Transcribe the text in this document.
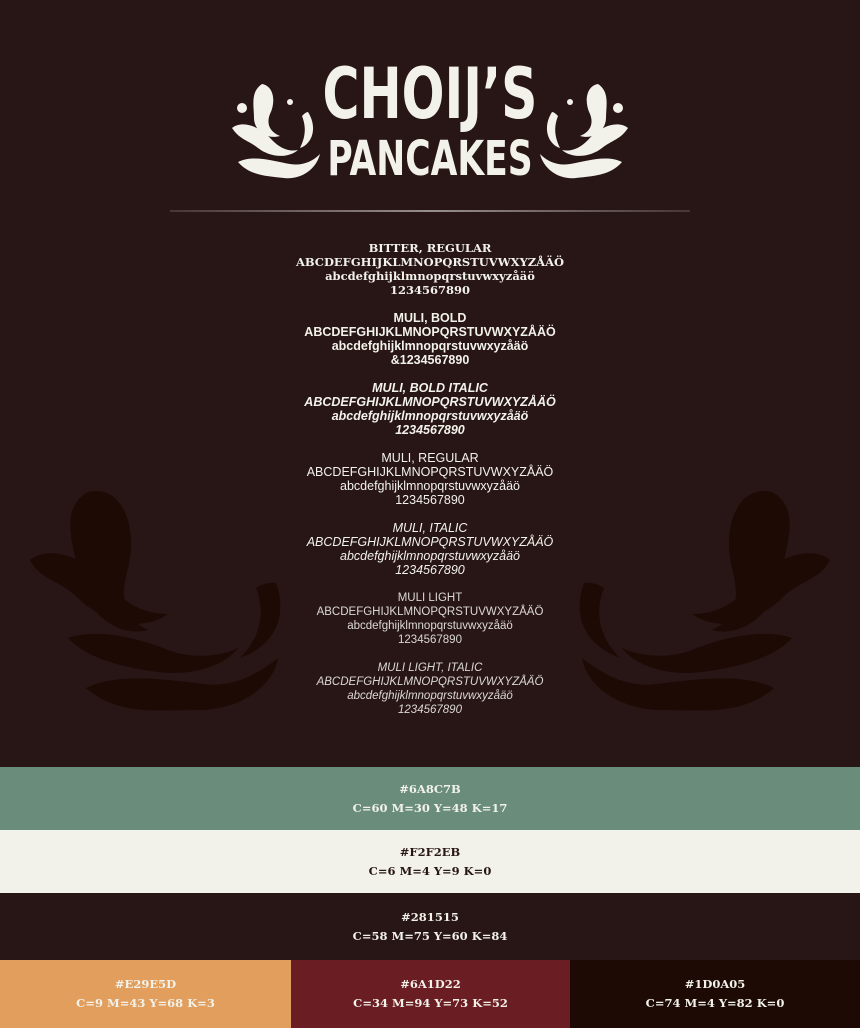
CHOIJ’S
PANCAKES
BITTER, REGULAR
ABCDEFGHIJKLMNOPQRSTUVWXYZÅÄÖ
abcdefghijklmnopqrstuvwxyzåäö
1234567890
MULI, BOLD
ABCDEFGHIJKLMNOPQRSTUVWXYZÅÄÖ
abcdefghijklmnopqrstuvwxyzåäö
&1234567890
MULI, BOLD ITALIC
ABCDEFGHIJKLMNOPQRSTUVWXYZÅÄÖ
abcdefghijklmnopqrstuvwxyzåäö
1234567890
MULI, REGULAR
ABCDEFGHIJKLMNOPQRSTUVWXYZÅÄÖ
abcdefghijklmnopqrstuvwxyzåäö
1234567890
MULI, ITALIC
ABCDEFGHIJKLMNOPQRSTUVWXYZÅÄÖ
abcdefghijklmnopqrstuvwxyzåäö
1234567890
MULI LIGHT
ABCDEFGHIJKLMNOPQRSTUVWXYZÅÄÖ
abcdefghijklmnopqrstuvwxyzåäö
1234567890
MULI LIGHT, ITALIC
ABCDEFGHIJKLMNOPQRSTUVWXYZÅÄÖ
abcdefghijklmnopqrstuvwxyzåäö
1234567890
#6A8C7B
C=60 M=30 Y=48 K=17
#F2F2EB
C=6 M=4 Y=9 K=0
#281515
C=58 M=75 Y=60 K=84
#E29E5D
C=9 M=43 Y=68 K=3
#6A1D22
C=34 M=94 Y=73 K=52
#1D0A05
C=74 M=4 Y=82 K=0
